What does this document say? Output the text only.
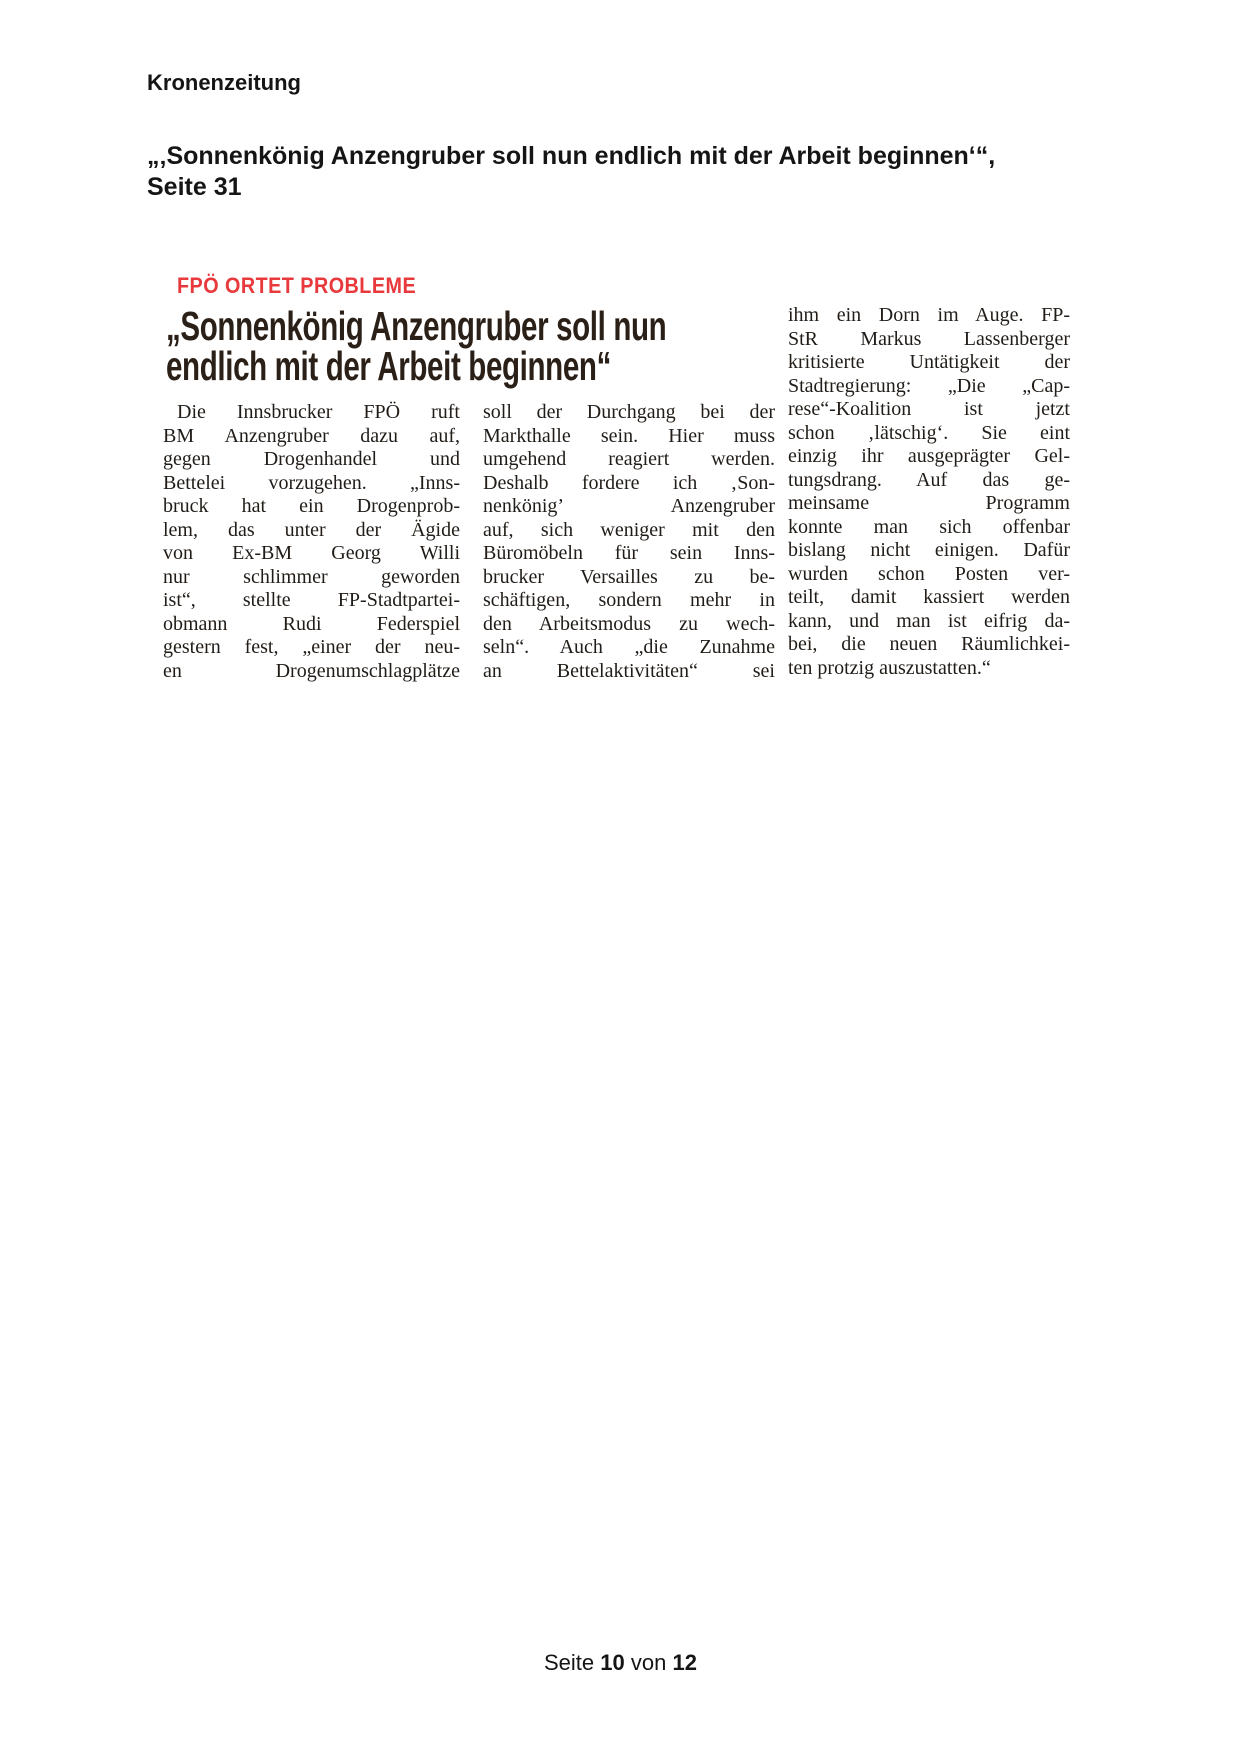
Kronenzeitung
„‚Sonnenkönig Anzengruber soll nun endlich mit der Arbeit beginnen‘“,
Seite 31
FPÖ ORTET PROBLEME
„Sonnenkönig Anzengruber soll nun
endlich mit der Arbeit beginnen“
Die Innsbrucker FPÖ ruft
BM Anzengruber dazu auf,
gegen Drogenhandel und
Bettelei vorzugehen. „Inns-
bruck hat ein Drogenprob-
lem, das unter der Ägide
von Ex-BM Georg Willi
nur schlimmer geworden
ist“, stellte FP-Stadtpartei-
obmann Rudi Federspiel
gestern fest, „einer der neu-
en Drogenumschlagplätze
soll der Durchgang bei der
Markthalle sein. Hier muss
umgehend reagiert werden.
Deshalb fordere ich ‚Son-
nenkönig’ Anzengruber
auf, sich weniger mit den
Büromöbeln für sein Inns-
brucker Versailles zu be-
schäftigen, sondern mehr in
den Arbeitsmodus zu wech-
seln“. Auch „die Zunahme
an Bettelaktivitäten“ sei
ihm ein Dorn im Auge. FP-
StR Markus Lassenberger
kritisierte Untätigkeit der
Stadtregierung: „Die „Cap-
rese“-Koalition ist jetzt
schon ‚lätschig‘. Sie eint
einzig ihr ausgeprägter Gel-
tungsdrang. Auf das ge-
meinsame Programm
konnte man sich offenbar
bislang nicht einigen. Dafür
wurden schon Posten ver-
teilt, damit kassiert werden
kann, und man ist eifrig da-
bei, die neuen Räumlichkei-
ten protzig auszustatten.“
Seite 10 von 12
